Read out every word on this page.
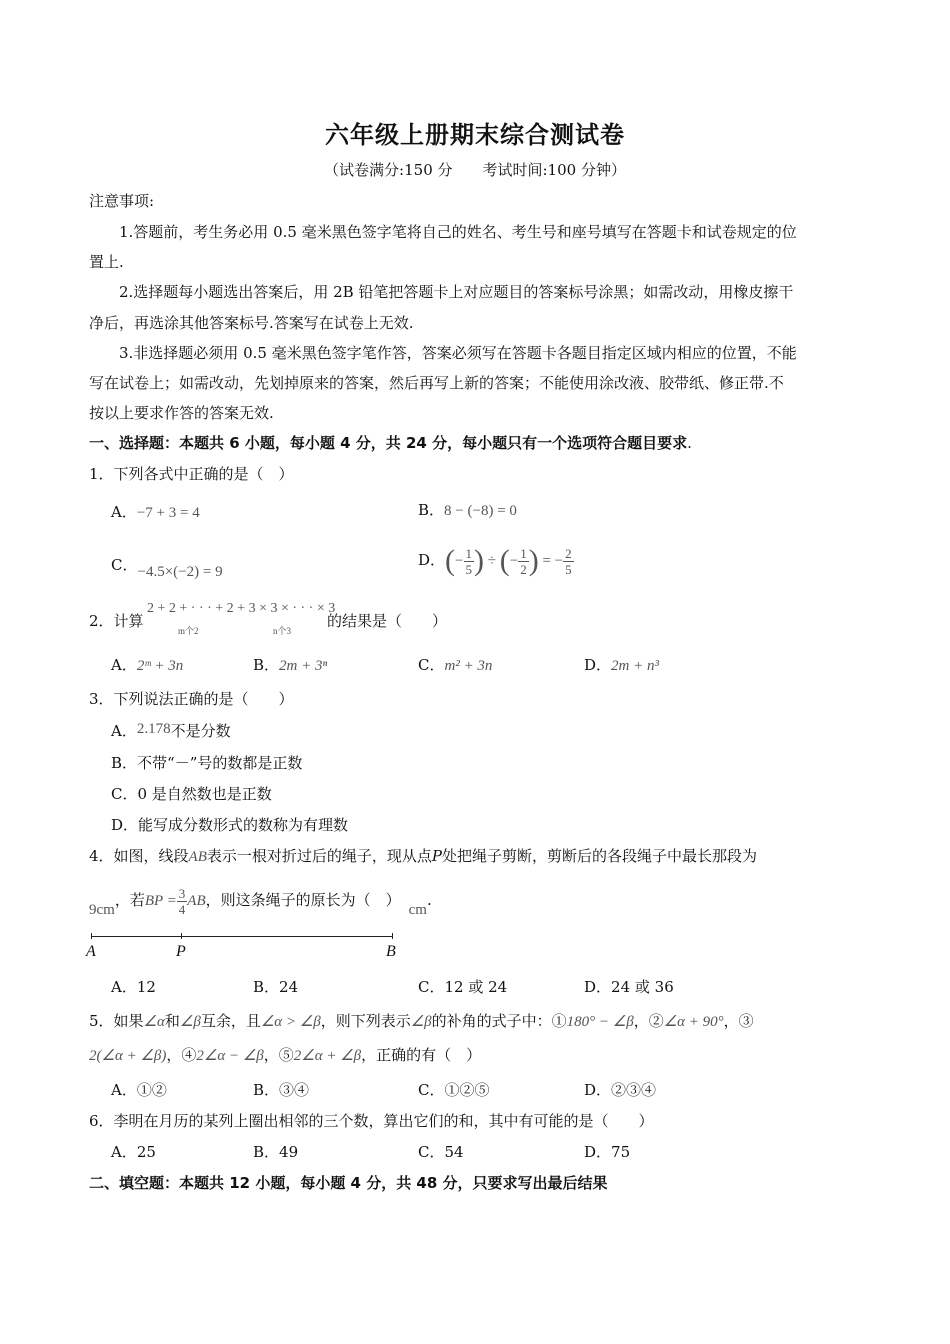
六年级上册期末综合测试卷
（试卷满分:150 分　　考试时间:100 分钟）
注意事项:
1.答题前，考生务必用 0.5 毫米黑色签字笔将自己的姓名、考生号和座号填写在答题卡和试卷规定的位
置上.
2.选择题每小题选出答案后，用 2B 铅笔把答题卡上对应题目的答案标号涂黑；如需改动，用橡皮擦干
净后，再选涂其他答案标号.答案写在试卷上无效.
3.非选择题必须用 0.5 毫米黑色签字笔作答，答案必须写在答题卡各题目指定区域内相应的位置，不能
写在试卷上；如需改动，先划掉原来的答案，然后再写上新的答案；不能使用涂改液、胶带纸、修正带.不
按以上要求作答的答案无效.
一、选择题：本题共 6 小题，每小题 4 分，共 24 分，每小题只有一个选项符合题目要求.
1．下列各式中正确的是（　）
A．−7 + 3 = 4	B．8 − (−8) = 0
C．−4.5×(−2) = 9
D．(− $\frac{1}{5}$ ) ÷ (− $\frac{1}{2}$ ) = − $\frac{2}{5}$
2．计算
2 + 2 + · · · + 2 + 3 × 3 × · · · × 3
m个2	n个3
的结果是（　　）
A．2ᵐ + 3n	B．2m + 3ⁿ	C．m² + 3n	D．2m + n³
3．下列说法正确的是（　　）
A．2.178不是分数
B．不带“－”号的数都是正数
C．0 是自然数也是正数
D．能写成分数形式的数称为有理数
4．如图，线段AB表示一根对折过后的绳子，现从点P处把绳子剪断，剪断后的各段绳子中最长那段为
9cm，若BP = $\frac{3}{4}$ AB，则这条绳子的原长为（　）cm.
A	P	B
A．12	B．24	C．12 或 24	D．24 或 36
5．如果∠α和∠β互余，且∠α > ∠β，则下列表示∠β的补角的式子中：①180° − ∠β，②∠α + 90°，③
2(∠α + ∠β)，④2∠α − ∠β，⑤2∠α + ∠β，正确的有（　）
A．①②	B．③④	C．①②⑤	D．②③④
6．李明在月历的某列上圈出相邻的三个数，算出它们的和，其中有可能的是（　　）
A．25	B．49	C．54	D．75
二、填空题：本题共 12 小题，每小题 4 分，共 48 分，只要求写出最后结果
